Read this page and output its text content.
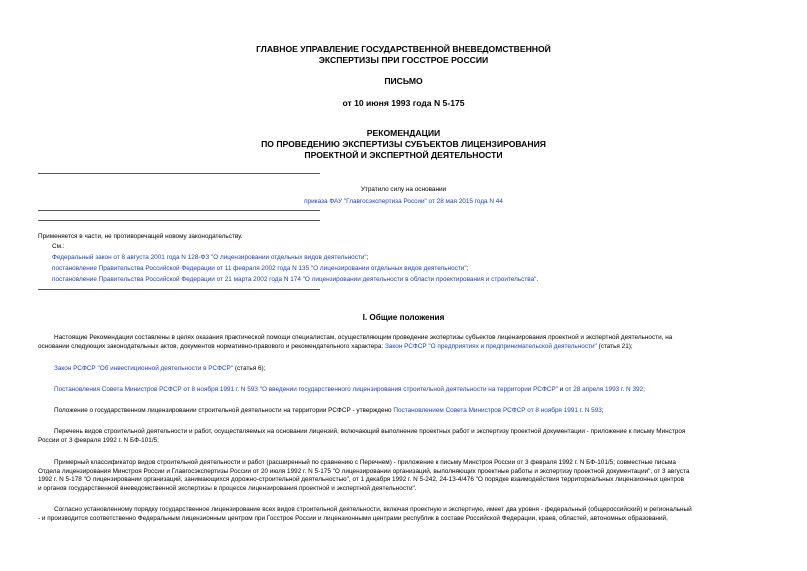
ГЛАВНОЕ УПРАВЛЕНИЕ ГОСУДАРСТВЕННОЙ ВНЕВЕДОМСТВЕННОЙ
ЭКСПЕРТИЗЫ ПРИ ГОССТРОЕ РОССИИ
ПИСЬМО
от 10 июня 1993 года N 5-175
РЕКОМЕНДАЦИИ
ПО ПРОВЕДЕНИЮ ЭКСПЕРТИЗЫ СУБЪЕКТОВ ЛИЦЕНЗИРОВАНИЯ
ПРОЕКТНОЙ И ЭКСПЕРТНОЙ ДЕЯТЕЛЬНОСТИ
Утратило силу на основании
приказа ФАУ "Главгосэкспертиза России" от 28 мая 2015 года N 44
Применяется в части, не противоречащей новому законодательству.
См.:
Федеральный закон от 8 августа 2001 года N 128-ФЗ "О лицензировании отдельных видов деятельности";
постановление Правительства Российской Федерации от 11 февраля 2002 года N 135 "О лицензировании отдельных видов деятельности";
постановление Правительства Российской Федерации от 21 марта 2002 года N 174 "О лицензировании деятельности в области проектирования и строительства".
I. Общие положения
Настоящие Рекомендации составлены в целях оказания практической помощи специалистам, осуществляющим проведение экспертизы субъектов лицензирования проектной и экспертной деятельности, на
основании следующих законодательных актов, документов нормативно-правового и рекомендательного характера: Закон РСФСР "О предприятиях и предпринимательской деятельности" (статья 21);
Закон РСФСР "Об инвестиционной деятельности в РСФСР" (статья 6);
Постановления Совета Министров РСФСР от 8 ноября 1991 г. N 593 "О введении государственного лицензирования строительной деятельности на территории РСФСР" и от 28 апреля 1993 г. N 392;
Положение о государственном лицензировании строительной деятельности на территории РСФСР - утверждено Постановлением Совета Министров РСФСР от 8 ноября 1991 г. N 593;
Перечень видов строительной деятельности и работ, осуществляемых на основании лицензий, включающий выполнение проектных работ и экспертизу проектной документации - приложение к письму Минстроя
России от 3 февраля 1992 г. N БФ-101/5;
Примерный классификатор видов строительной деятельности и работ (расширенный по сравнению с Перечнем) - приложение к письму Минстроя России от 3 февраля 1992 г. N БФ-101/5; совместные письма
Отдела лицензирования Минстроя России и Главгосэкспертизы России от 20 июля 1992 г. N 5-175 "О лицензировании организаций, выполняющих проектные работы и экспертизу проектной документации", от 3 августа
1992 г. N 5-178 "О лицензировании организаций, занимающихся дорожно-строительной деятельностью", от 1 декабря 1992 г. N 5-242, 24-13-4/476 "О порядке взаимодействия территориальных лицензионных центров
и органов государственной вневедомственной экспертизы в процессе лицензирования проектной и экспертной деятельности".
Согласно установленному порядку государственное лицензирование всех видов строительной деятельности, включая проектную и экспертную, имеет два уровня - федеральный (общероссийский) и региональный
- и производится соответственно Федеральным лицензионным центром при Госстрое России и лицензионными центрами республик в составе Российской Федерации, краев, областей, автономных образований,
